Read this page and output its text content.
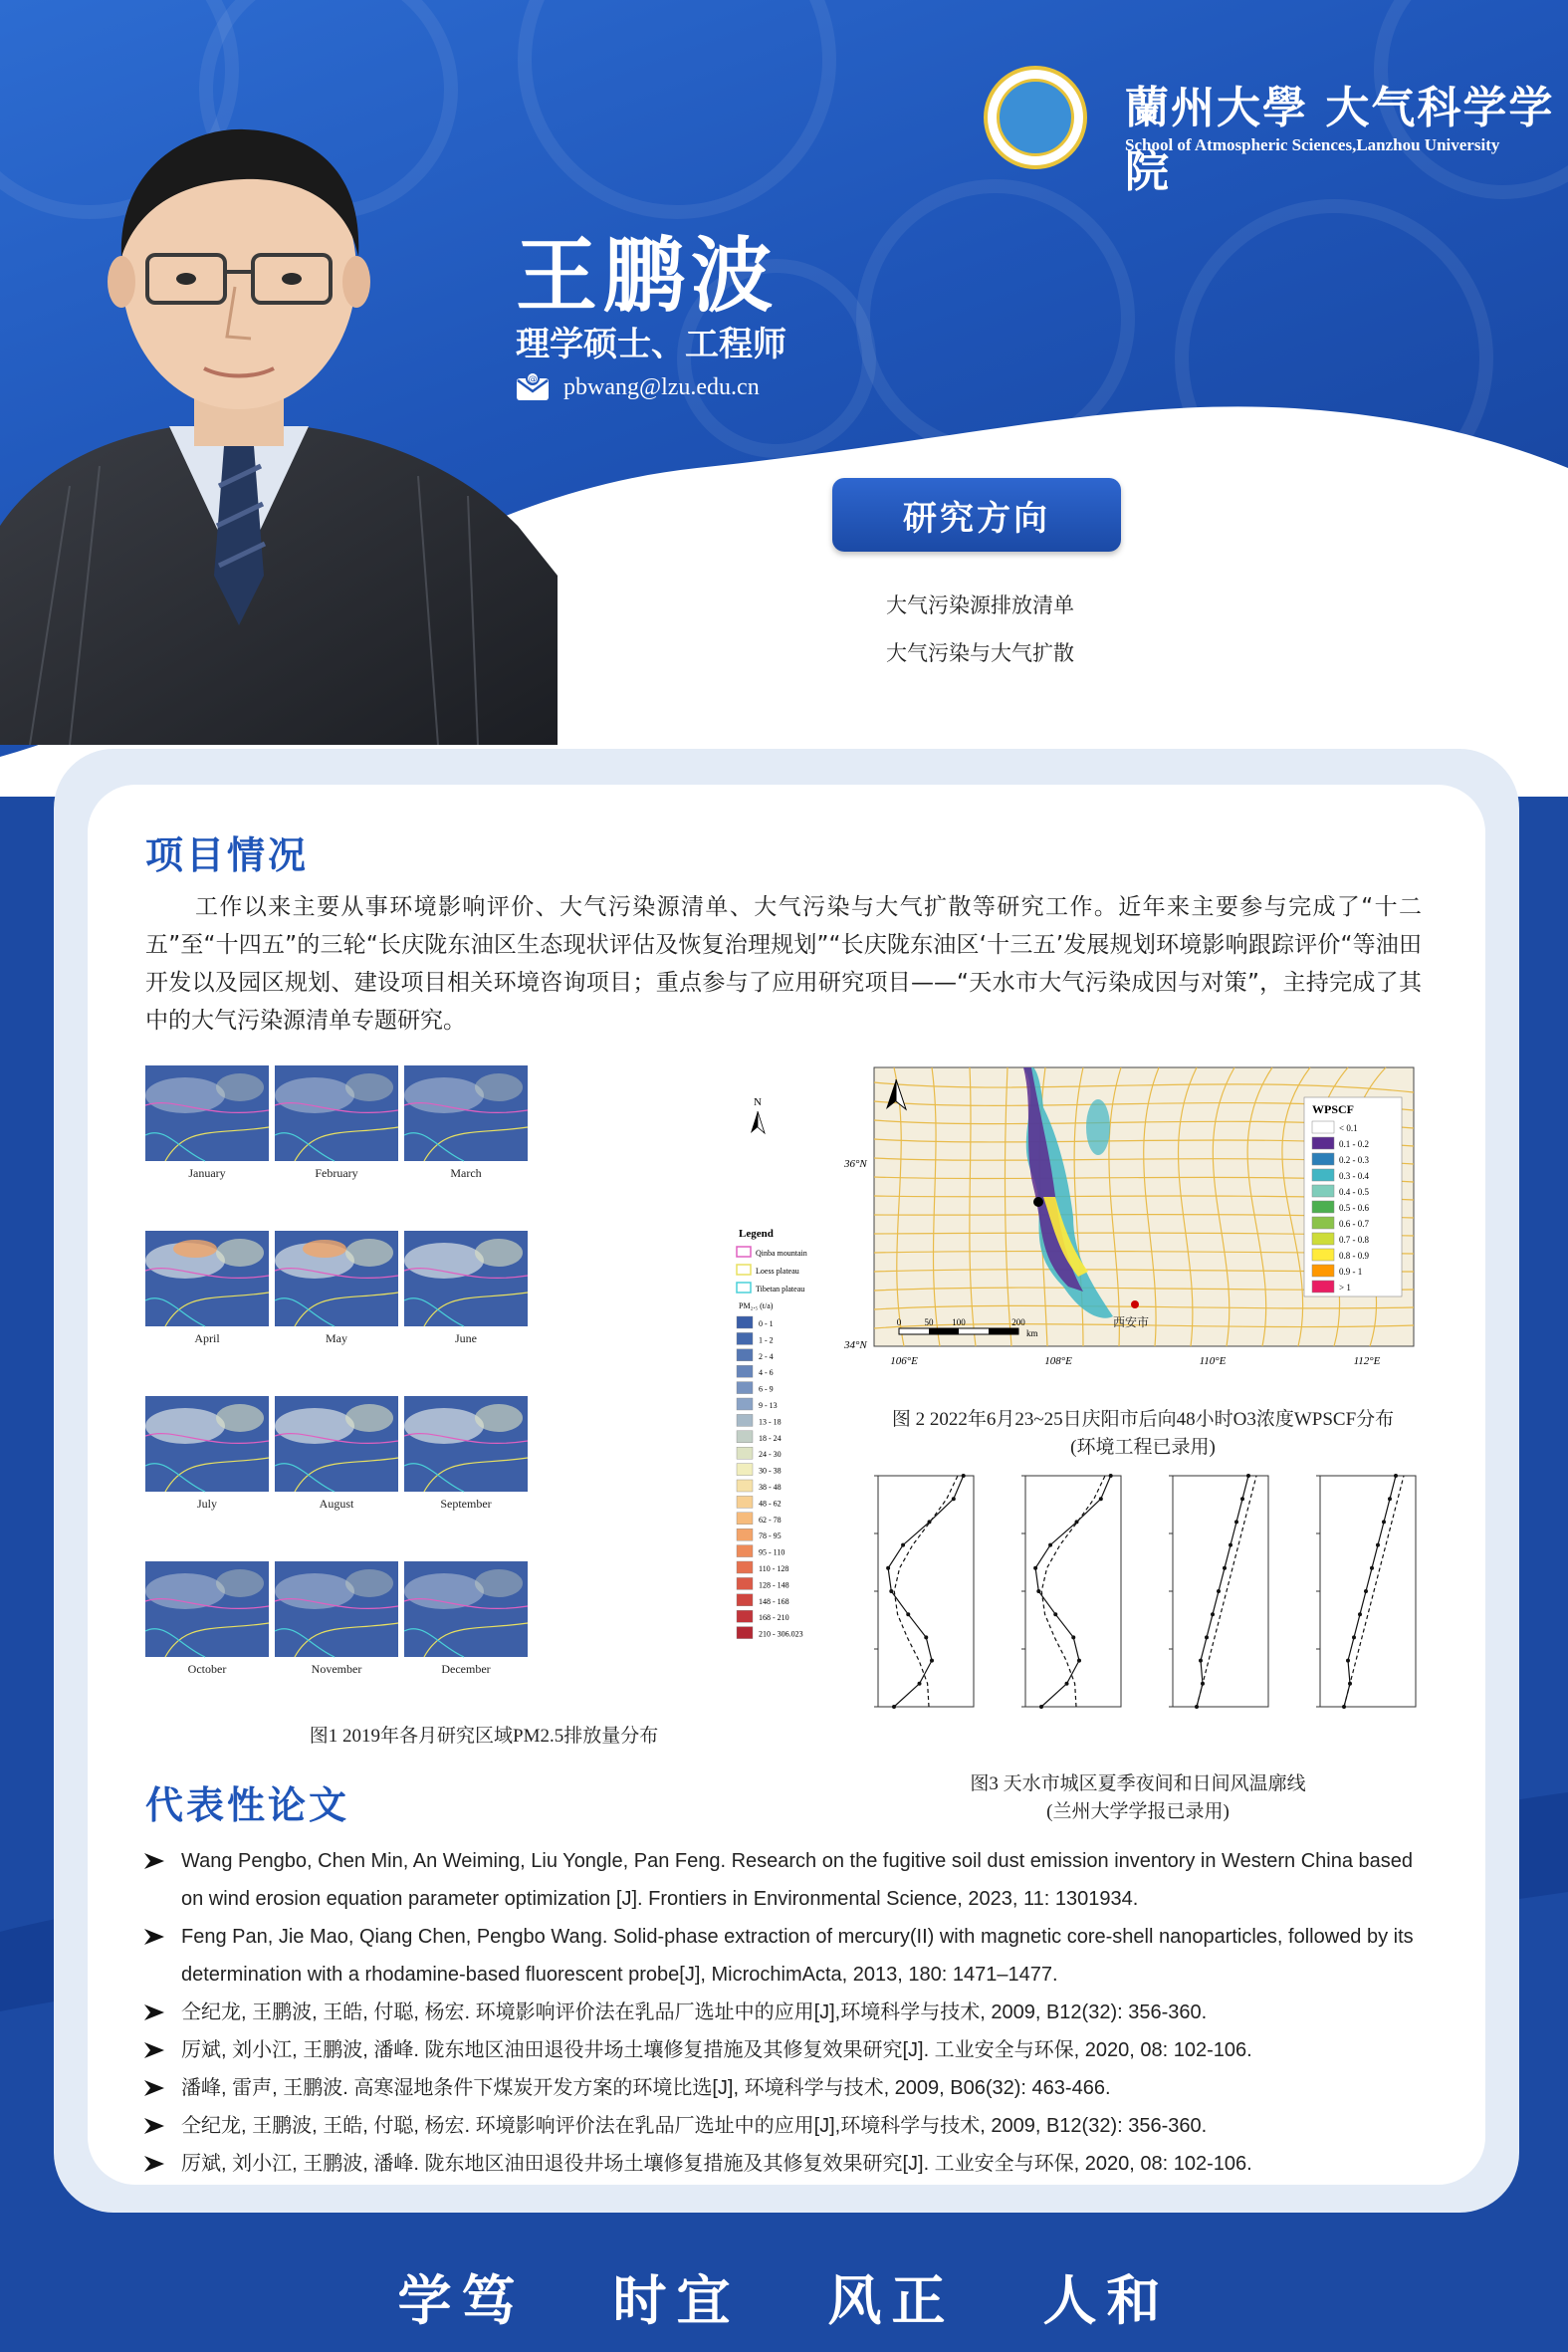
蘭州大學 大气科学学院
School of Atmospheric Sciences,Lanzhou University
王鹏波
理学硕士、工程师
@ pbwang@lzu.edu.cn
研究方向
大气污染源排放清单
大气污染与大气扩散
项目情况
工作以来主要从事环境影响评价、大气污染源清单、大气污染与大气扩散等研究工作。近年来主要参与完成了“十二五”至“十四五”的三轮“长庆陇东油区生态现状评估及恢复治理规划”“长庆陇东油区‘十三五’发展规划环境影响跟踪评价“等油田开发以及园区规划、建设项目相关环境咨询项目；重点参与了应用研究项目——“天水市大气污染成因与对策”，主持完成了其中的大气污染源清单专题研究。
January	February	March
April	May	June
July	August	September
October	November	December
N
Legend
Qinba mountain
Loess plateau
Tibetan plateau
PM₂.₅ (t/a)
0 - 1
1 - 2
2 - 4
4 - 6
6 - 9
9 - 13
13 - 18
18 - 24
24 - 30
30 - 38
38 - 48
48 - 62
62 - 78
78 - 95
95 - 110
110 - 128
128 - 148
148 - 168
168 - 210
210 - 306.023
图1 2019年各月研究区域PM2.5排放量分布
西安市
0	50 100	200
km
36°N
34°N
106°E	108°E	110°E	112°E
WPSCF
< 0.1
0.1 - 0.2
0.2 - 0.3
0.3 - 0.4
0.4 - 0.5
0.5 - 0.6
0.6 - 0.7
0.7 - 0.8
0.8 - 0.9
0.9 - 1
> 1
图 2 2022年6月23~25日庆阳市后向48小时O3浓度WPSCF分布
(环境工程已录用)
图3 天水市城区夏季夜间和日间风温廓线
(兰州大学学报已录用)
代表性论文
Wang Pengbo, Chen Min, An Weiming, Liu Yongle, Pan Feng. Research on the fugitive soil dust emission inventory in Western China based on wind erosion equation parameter optimization [J]. Frontiers in Environmental Science, 2023, 11: 1301934.
Feng Pan, Jie Mao, Qiang Chen, Pengbo Wang. Solid-phase extraction of mercury(II) with magnetic core-shell nanoparticles, followed by its determination with a rhodamine-based fluorescent probe[J], MicrochimActa, 2013, 180: 1471–1477.
仝纪龙, 王鹏波, 王皓, 付聪, 杨宏. 环境影响评价法在乳品厂选址中的应用[J],环境科学与技术, 2009, B12(32): 356-360.
厉斌, 刘小江, 王鹏波, 潘峰. 陇东地区油田退役井场土壤修复措施及其修复效果研究[J]. 工业安全与环保, 2020, 08: 102-106.
潘峰, 雷声, 王鹏波. 高寒湿地条件下煤炭开发方案的环境比选[J], 环境科学与技术, 2009, B06(32): 463-466.
仝纪龙, 王鹏波, 王皓, 付聪, 杨宏. 环境影响评价法在乳品厂选址中的应用[J],环境科学与技术, 2009, B12(32): 356-360.
厉斌, 刘小江, 王鹏波, 潘峰. 陇东地区油田退役井场土壤修复措施及其修复效果研究[J]. 工业安全与环保, 2020, 08: 102-106.
学笃 时宜 风正 人和
